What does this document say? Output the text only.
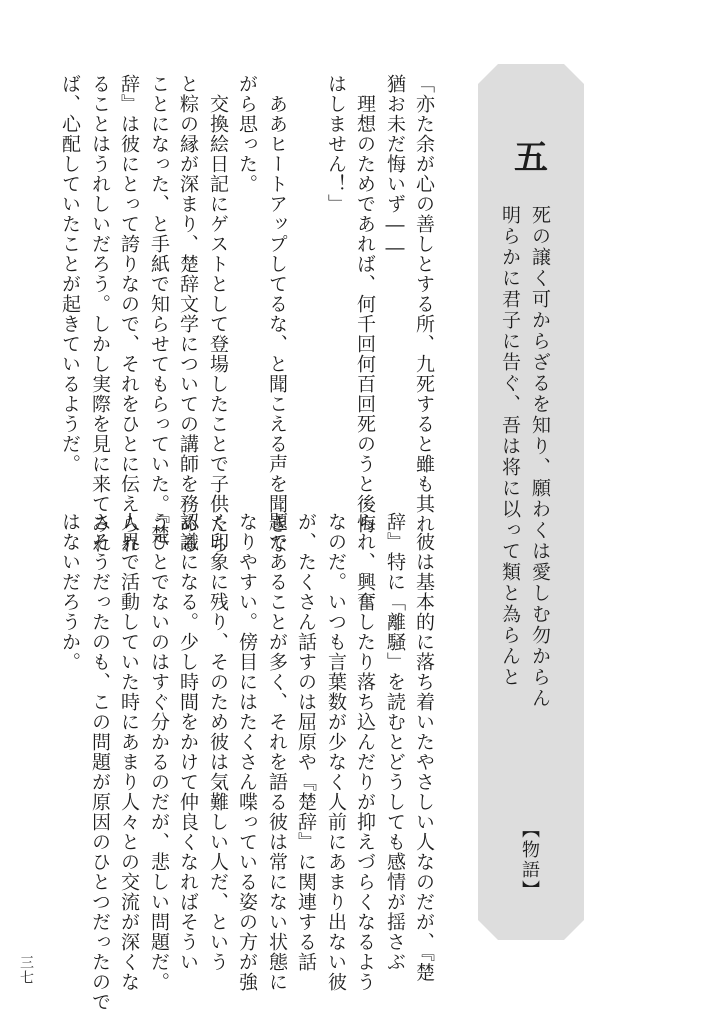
五
死の譲く可からざるを知り、願わくは愛しむ勿からん
明らかに君子に告ぐ、吾は将に以って類と為らんと
【物語】
　彼は基本的に落ち着いたやさしい人なのだが、『楚
辞』特に「離騒」を読むとどうしても感情が揺さぶ
られ、興奮したり落ち込んだりが抑えづらくなるよう
なのだ。いつも言葉数が少なく人前にあまり出ない彼
が、たくさん話すのは屈原や『楚辞』に関連する話
題であることが多く、それを語る彼は常にない状態に
なりやすい。傍目にはたくさん喋っている姿の方が強
く印象に残り、そのため彼は気難しい人だ、という
認識になる。少し時間をかけて仲良くなればそうい
うひとでないのはすぐ分かるのだが、悲しい問題だ。
人界で活動していた時にあまり人々との交流が深くな
さそうだったのも、この問題が原因のひとつだったので
はないだろうか。
「亦た余が心の善しとする所、九死すると雖も其れ
猶お未だ悔いず――
　理想のためであれば、何千回何百回死のうと後悔
はしません！」
　ああヒートアップしてるな、と聞こえる声を聞きな
がら思った。
　交換絵日記にゲストとして登場したことで子供たち
と粽の縁が深まり、楚辞文学についての講師を務める
ことになった、と手紙で知らせてもらっていた。『楚
辞』は彼にとって誇りなので、それをひとに伝えられ
ることはうれしいだろう。しかし実際を見に来てみれ
ば、心配していたことが起きているようだ。
三七
